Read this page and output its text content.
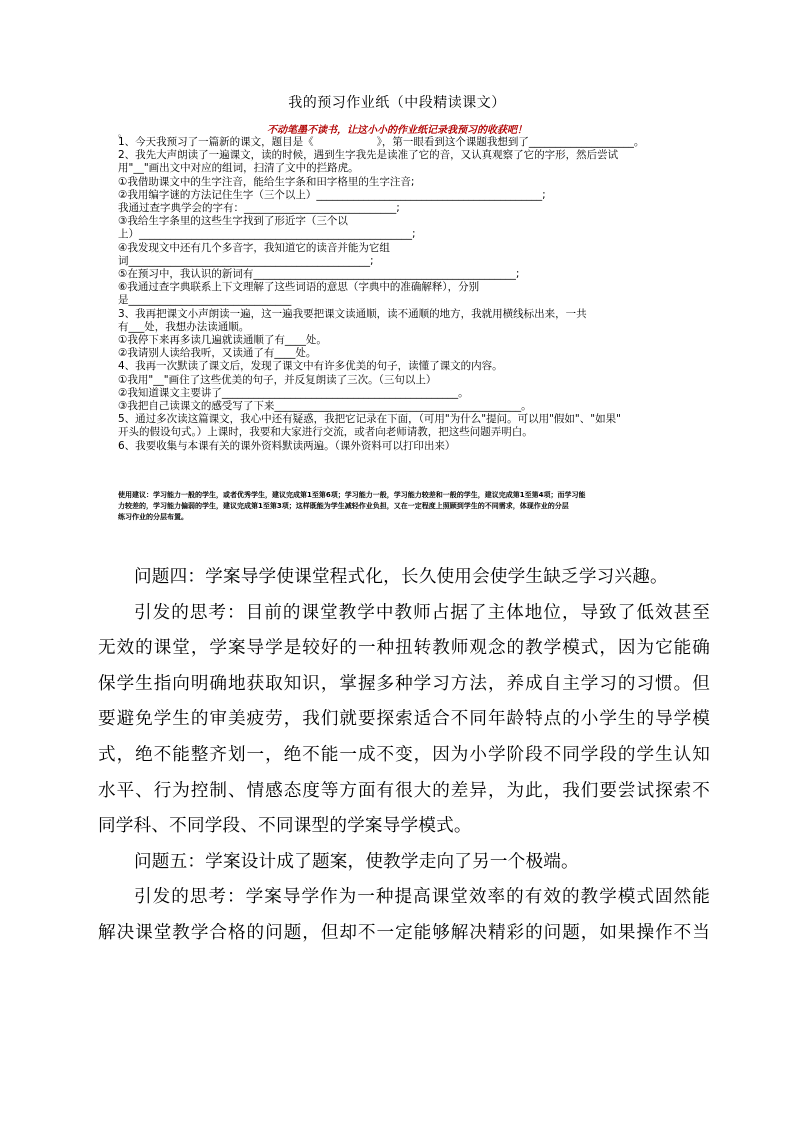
我的预习作业纸（中段精读课文）
不动笔墨不读书，让这小小的作业纸记录我预习的收获吧！
。
1、今天我预习了一篇新的课文，题目是《　　　　　　》，第一眼看到这个课题我想到了____________________。
2、我先大声朗读了一遍课文，读的时候，遇到生字我先是读准了它的音，又认真观察了它的字形，然后尝试
用"__"画出文中对应的组词，扫清了文中的拦路虎。
①我借助课文中的生字注音，能给生字条和田字格里的生字注音;
②我用编字谜的方法记住生字（三个以上）___________________________________________;
我通过查字典学会的字有：_____________________________;
③我给生字条里的这些生字找到了形近字（三个以
上）____________________________________________________;
④我发现文中还有几个多音字，我知道它的读音并能为它组
词______________________________________________;
⑤在预习中，我认识的新词有__________________________________________________;
⑥我通过查字典联系上下文理解了这些词语的意思（字典中的准确解释），分别
是_______________________________
3、我再把课文小声朗读一遍，这一遍我要把课文读通顺，读不通顺的地方，我就用横线标出来，一共
有___处，我想办法读通顺。
①我停下来再多读几遍就读通顺了有____处。
②我请别人读给我听，又读通了有____处。
4、我再一次默读了课文后，发现了课文中有许多优美的句子，读懂了课文的内容。
①我用"__"画住了这些优美的句子，并反复朗读了三次。（三句以上）
②我知道课文主要讲了_____________________________________________。
③我把自己读课文的感受写了下来_______________________________________________。
5、通过多次读这篇课文，我心中还有疑惑，我把它记录在下面，（可用"为什么"提问。可以用"假如"、"如果"
开头的假设句式。）上课时，我要和大家进行交流，或者向老师请教，把这些问题弄明白。
6、我要收集与本课有关的课外资料默读两遍。（课外资料可以打印出来）
使用建议：学习能力一般的学生，或者优秀学生，建议完成第1至第6项；学习能力一般，学习能力较差和一般的学生，建议完成第1至第4项；而学习能
力较差的，学习能力偏弱的学生，建议完成第1至第3项；这样既能为学生减轻作业负担，又在一定程度上照顾到学生的不同需求，体现作业的分层
练习作业的分层布置。

问题四：学案导学使课堂程式化，长久使用会使学生缺乏学习兴趣。

引发的思考：目前的课堂教学中教师占据了主体地位，导致了低效甚至

无效的课堂，学案导学是较好的一种扭转教师观念的教学模式，因为它能确

保学生指向明确地获取知识，掌握多种学习方法，养成自主学习的习惯。但

要避免学生的审美疲劳，我们就要探索适合不同年龄特点的小学生的导学模

式，绝不能整齐划一，绝不能一成不变，因为小学阶段不同学段的学生认知

水平、行为控制、情感态度等方面有很大的差异，为此，我们要尝试探索不

同学科、不同学段、不同课型的学案导学模式。

问题五：学案设计成了题案，使教学走向了另一个极端。

引发的思考：学案导学作为一种提高课堂效率的有效的教学模式固然能

解决课堂教学合格的问题，但却不一定能够解决精彩的问题，如果操作不当
